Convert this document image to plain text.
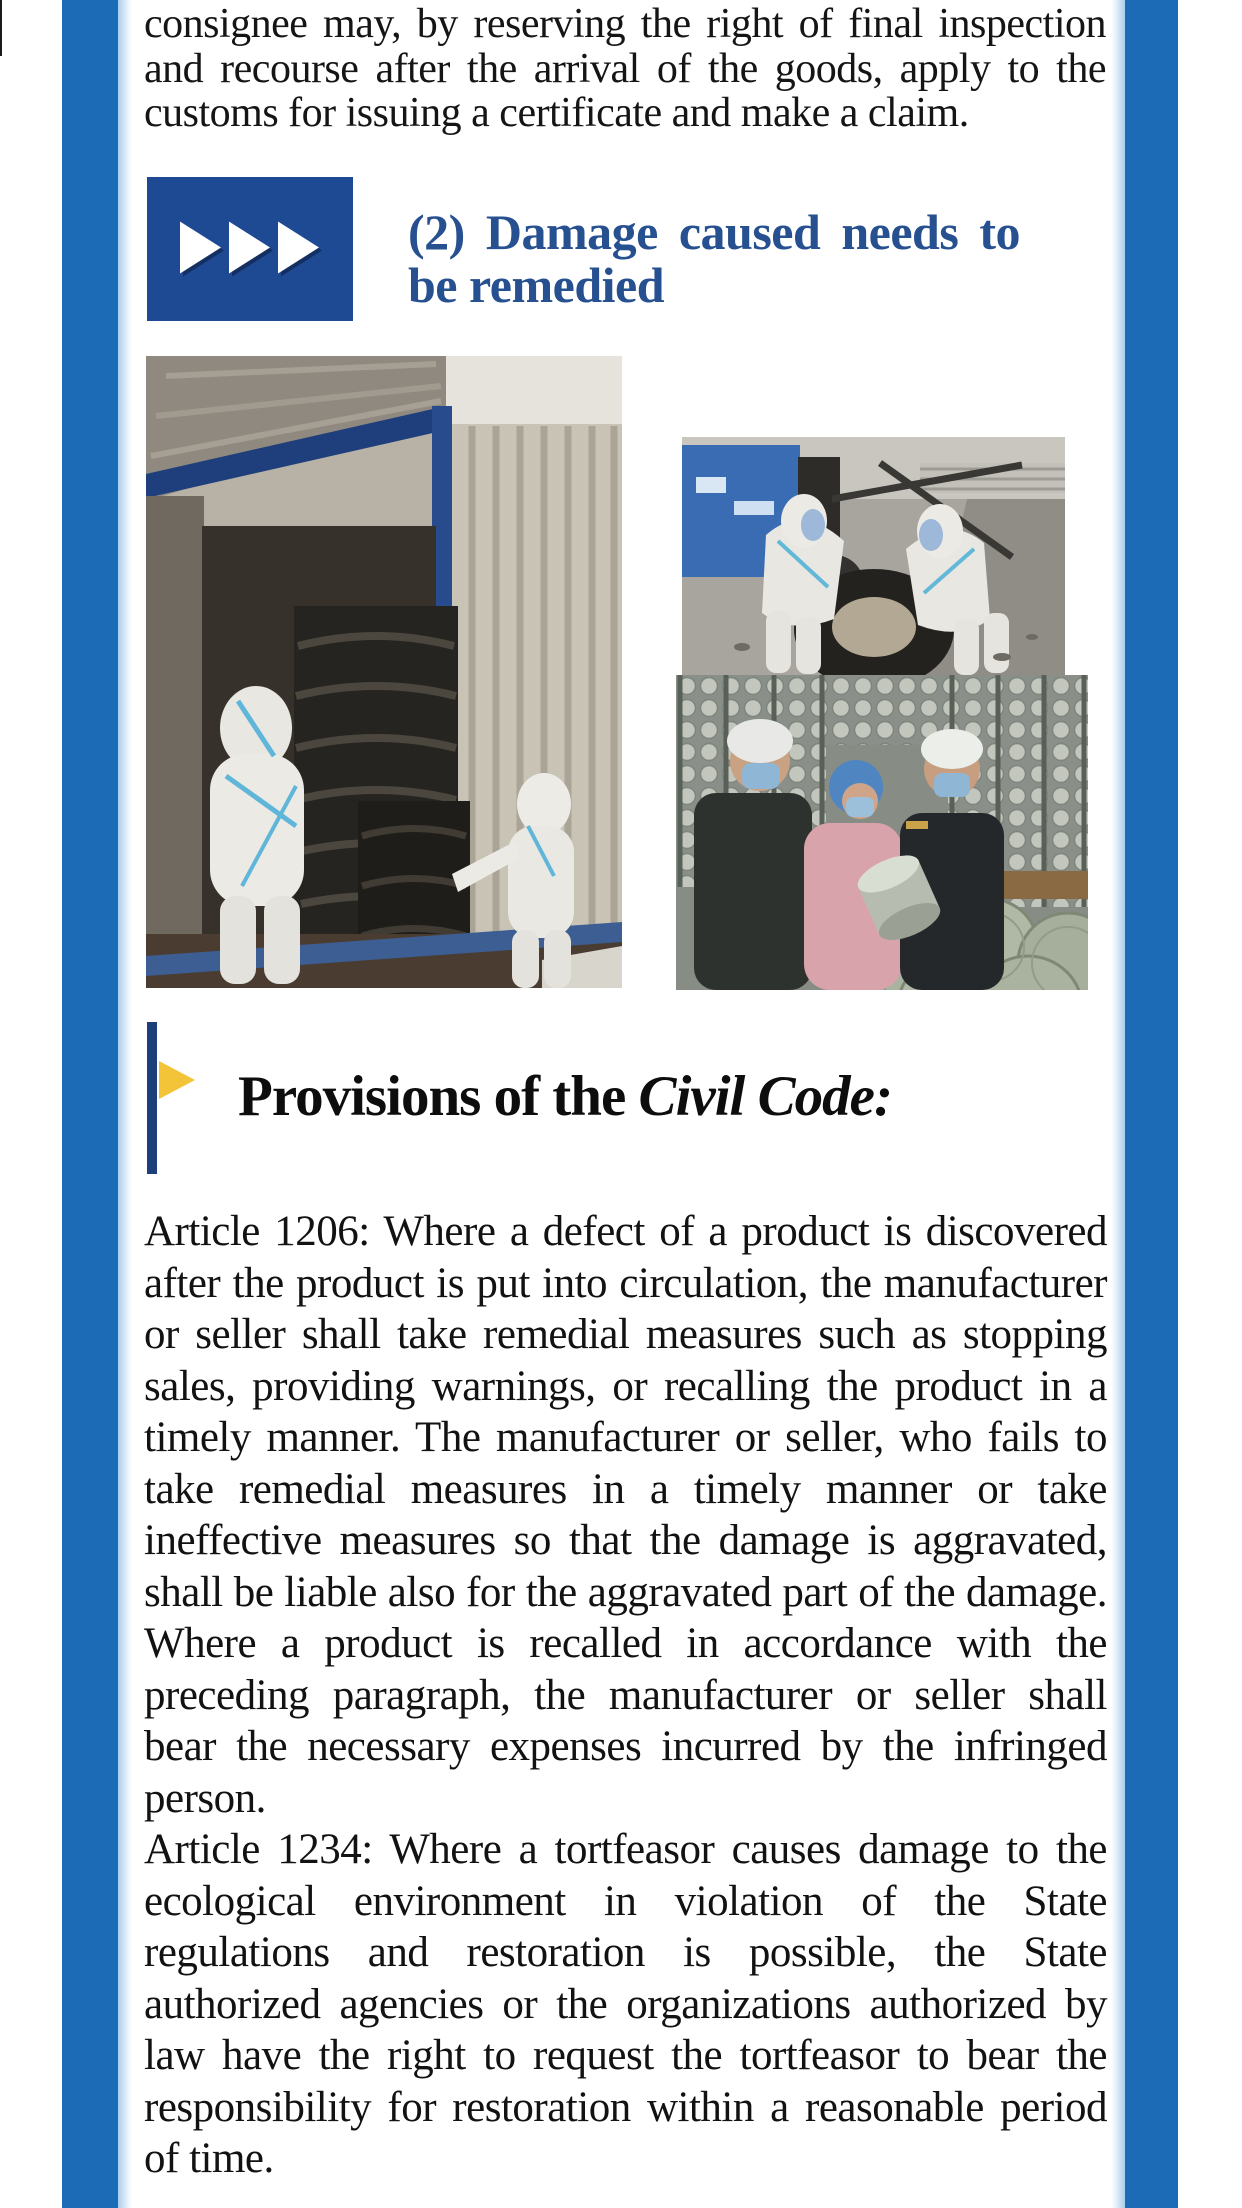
consignee may, by reserving the right of final inspection and recourse after the arrival of the goods, apply to the customs for issuing a certificate and make a claim.
(2) Damage caused needs to be remedied
Provisions of the Civil Code:

Article 1206: Where a defect of a product is discovered after the product is put into circulation, the manufacturer or seller shall take remedial measures such as stopping sales, providing warnings, or recalling the product in a timely manner. The manufacturer or seller, who fails to take remedial measures in a timely manner or take ineffective measures so that the damage is aggravated, shall be liable also for the aggravated part of the damage. Where a product is recalled in accordance with the preceding paragraph, the manufacturer or seller shall bear the necessary expenses incurred by the infringed person.

Article 1234: Where a tortfeasor causes damage to the ecological environment in violation of the State regulations and restoration is possible, the State authorized agencies or the organizations authorized by law have the right to request the tortfeasor to bear the responsibility for restoration within a reasonable period of time.
